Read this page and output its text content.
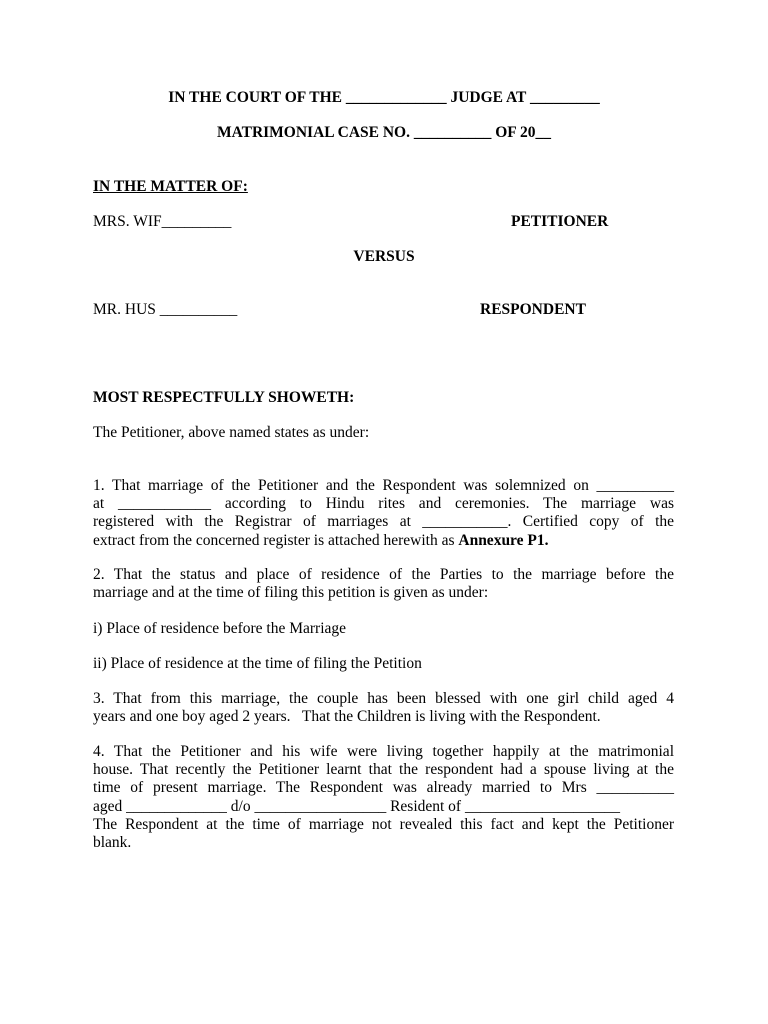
IN THE COURT OF THE _____________ JUDGE AT _________
MATRIMONIAL CASE NO. __________ OF 20__
IN THE MATTER OF:
MRS. WIF_________	PETITIONER
VERSUS
MR. HUS __________	RESPONDENT
MOST RESPECTFULLY SHOWETH:
The Petitioner, above named states as under:
1. That marriage of the Petitioner and the Respondent was solemnized on __________
at ____________ according to Hindu rites and ceremonies. The marriage was
registered with the Registrar of marriages at ___________. Certified copy of the
extract from the concerned register is attached herewith as Annexure P1.
2. That the status and place of residence of the Parties to the marriage before the
marriage and at the time of filing this petition is given as under:
i) Place of residence before the Marriage
ii) Place of residence at the time of filing the Petition
3. That from this marriage, the couple has been blessed with one girl child aged 4
years and one boy aged 2 years.   That the Children is living with the Respondent.
4. That the Petitioner and his wife were living together happily at the matrimonial
house. That recently the Petitioner learnt that the respondent had a spouse living at the
time of present marriage. The Respondent was already married to Mrs __________
aged _____________ d/o _________________ Resident of ____________________
The Respondent at the time of marriage not revealed this fact and kept the Petitioner
blank.
